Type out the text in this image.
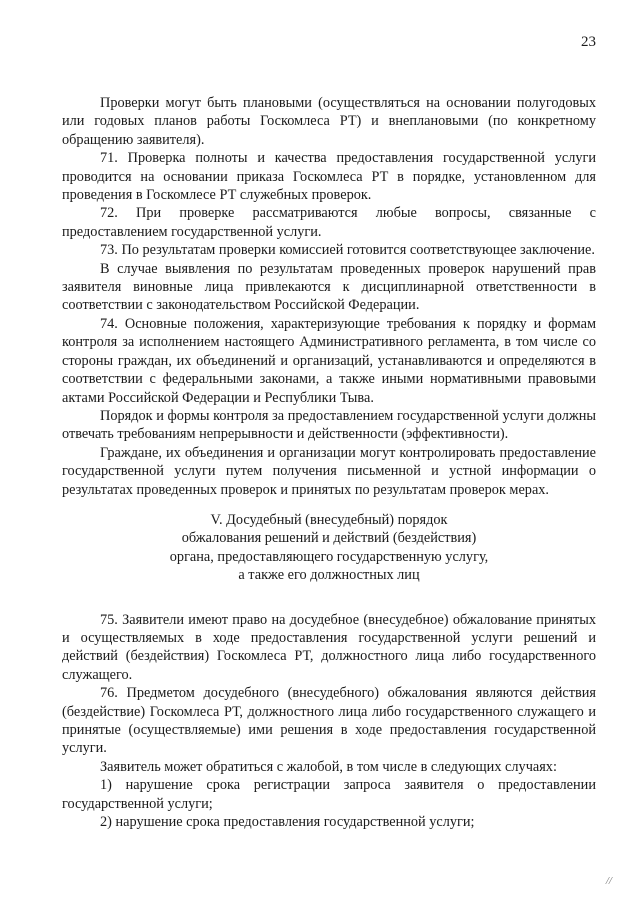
23

Проверки могут быть плановыми (осуществляться на основании полугодовых или годовых планов работы Госкомлеса РТ) и внеплановыми (по конкретному обращению заявителя).

71. Проверка полноты и качества предоставления государственной услуги проводится на основании приказа Госкомлеса РТ в порядке, установленном для проведения в Госкомлесе РТ служебных проверок.

72. При проверке рассматриваются любые вопросы, связанные с предоставлением государственной услуги.

73. По результатам проверки комиссией готовится соответствующее заключение.

В случае выявления по результатам проведенных проверок нарушений прав заявителя виновные лица привлекаются к дисциплинарной ответственности в соответствии с законодательством Российской Федерации.

74. Основные положения, характеризующие требования к порядку и формам контроля за исполнением настоящего Административного регламента, в том числе со стороны граждан, их объединений и организаций, устанавливаются и определяются в соответствии с федеральными законами, а также иными нормативными правовыми актами Российской Федерации и Республики Тыва.

Порядок и формы контроля за предоставлением государственной услуги должны отвечать требованиям непрерывности и действенности (эффективности).

Граждане, их объединения и организации могут контролировать предоставление государственной услуги путем получения письменной и устной информации о результатах проведенных проверок и принятых по результатам проверок мерах.

V. Досудебный (внесудебный) порядок
обжалования решений и действий (бездействия)
органа, предоставляющего государственную услугу,
а также его должностных лиц

75. Заявители имеют право на досудебное (внесудебное) обжалование принятых и осуществляемых в ходе предоставления государственной услуги решений и действий (бездействия) Госкомлеса РТ, должностного лица либо государственного служащего.

76. Предметом досудебного (внесудебного) обжалования являются действия (бездействие) Госкомлеса РТ, должностного лица либо государственного служащего и принятые (осуществляемые) ими решения в ходе предоставления государственной услуги.

Заявитель может обратиться с жалобой, в том числе в следующих случаях:

1) нарушение срока регистрации запроса заявителя о предоставлении государственной услуги;

2) нарушение срока предоставления государственной услуги;

//
